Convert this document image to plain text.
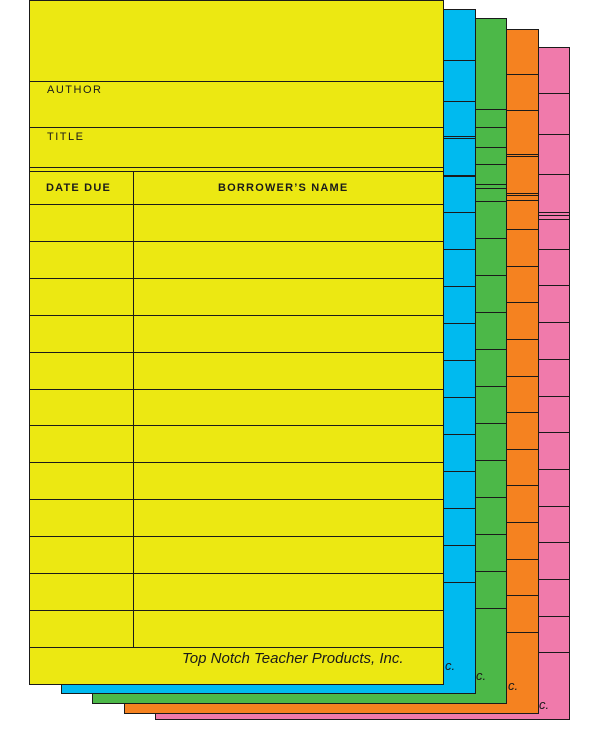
c.
c.
c.
c.
AUTHOR
TITLE
DATE DUE	BORROWER’S NAME
Top Notch Teacher Products, Inc.
